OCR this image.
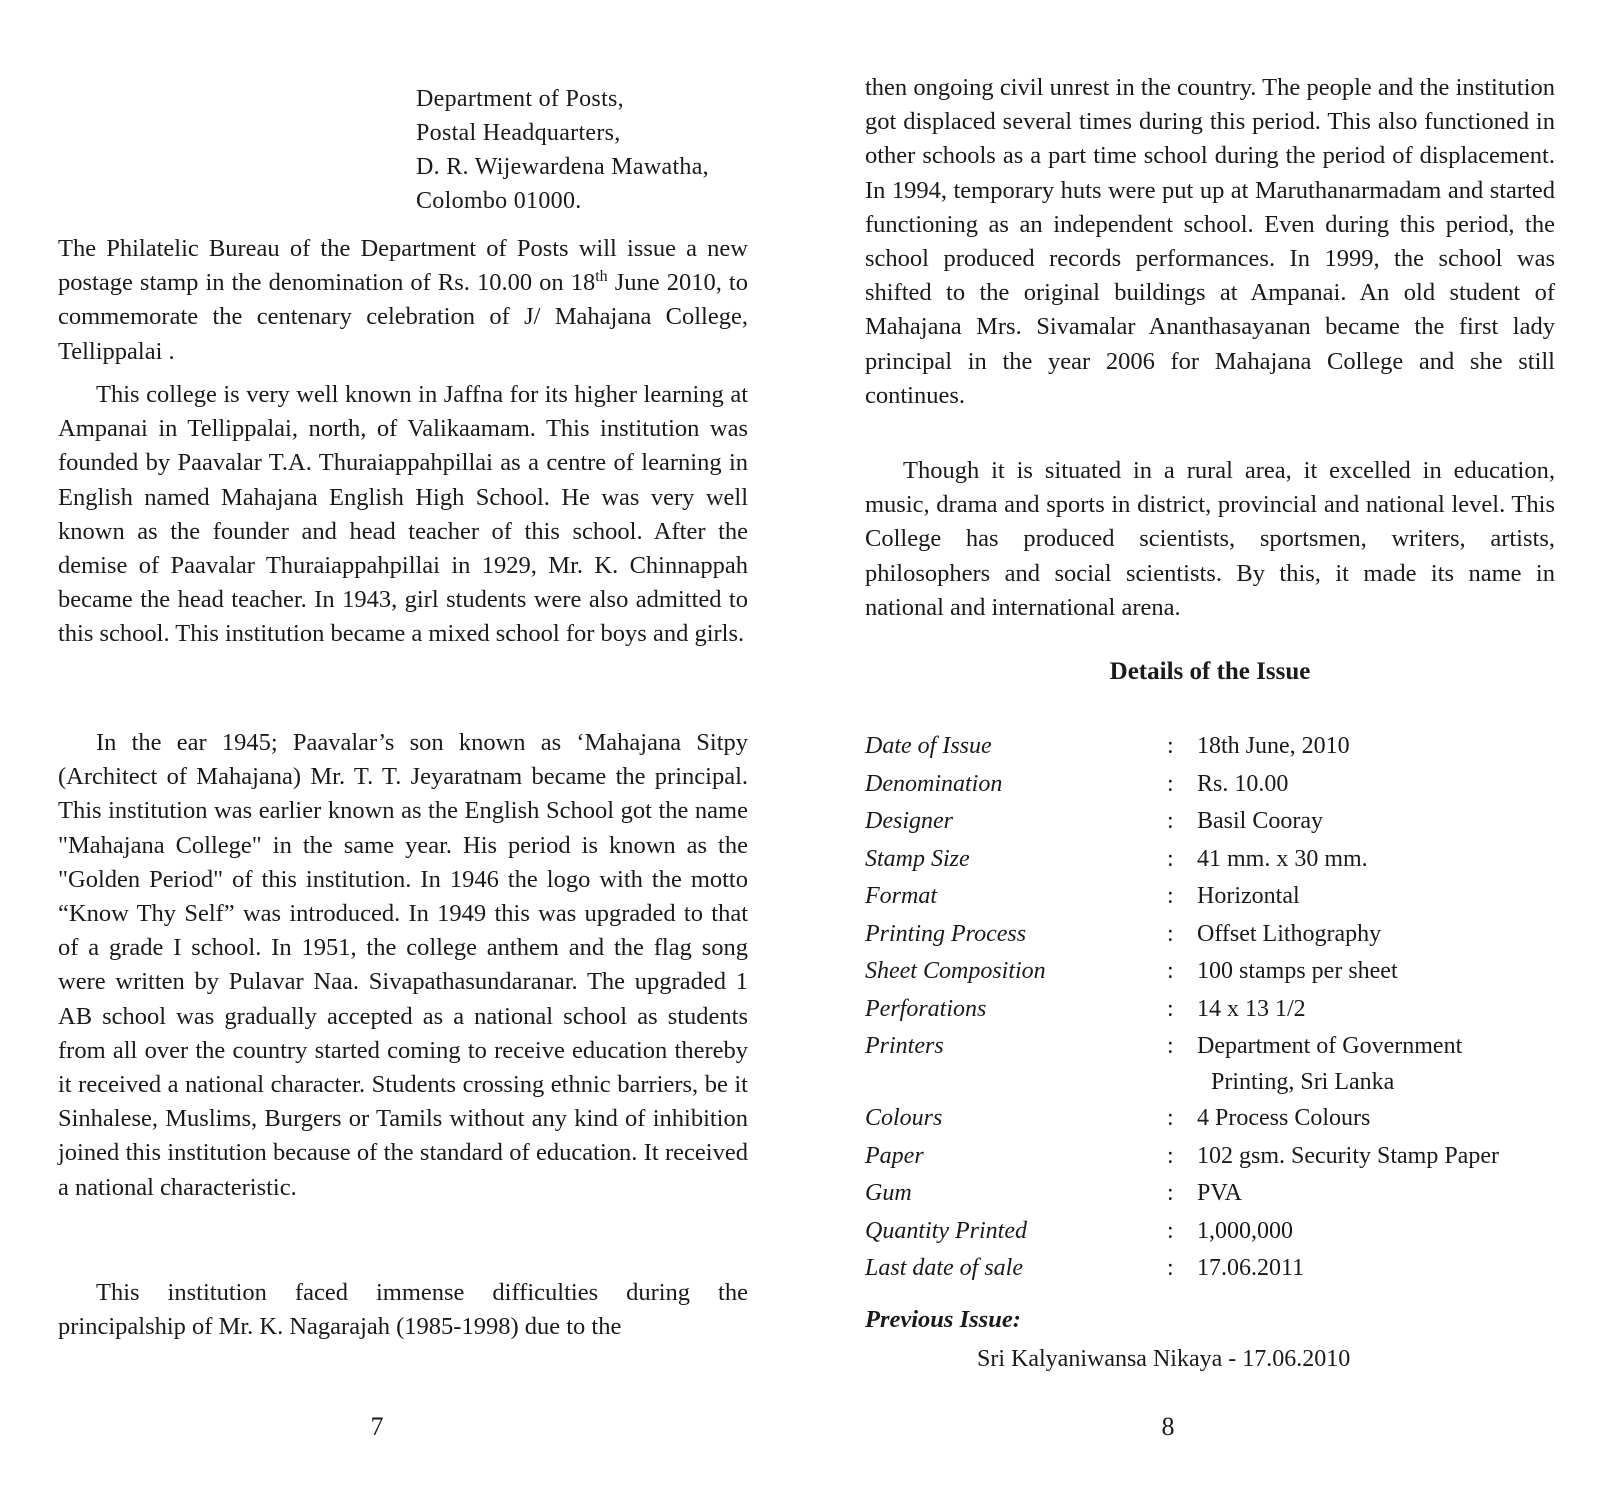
Department of Posts,
Postal Headquarters,
D. R. Wijewardena Mawatha,
Colombo 01000.

The Philatelic Bureau of the Department of Posts will issue a new postage stamp in the denomination of Rs. 10.00 on 18th June 2010, to commemorate the centenary celebration of J/ Mahajana College, Tellippalai .

This college is very well known in Jaffna for its higher learning at Ampanai in Tellippalai, north, of Valikaamam. This institution was founded by Paavalar T.A. Thuraiappahpillai as a centre of learning in English named Mahajana English High School. He was very well known as the founder and head teacher of this school. After the demise of Paavalar Thuraiappahpillai in 1929, Mr. K. Chinnappah became the head teacher. In 1943, girl students were also admitted to this school. This institution became a mixed school for boys and girls.

In the ear 1945; Paavalar’s son known as ‘Mahajana Sitpy (Architect of Mahajana) Mr. T. T. Jeyaratnam became the principal. This institution was earlier known as the English School got the name "Mahajana College" in the same year. His period is known as the "Golden Period" of this institution. In 1946 the logo with the motto “Know Thy Self” was introduced. In 1949 this was upgraded to that of a grade I school. In 1951, the college anthem and the flag song were written by Pulavar Naa. Sivapathasundaranar. The upgraded 1 AB school was gradually accepted as a national school as students from all over the country started coming to receive education thereby it received a national character. Students crossing ethnic barriers, be it Sinhalese, Muslims, Burgers or Tamils without any kind of inhibition joined this institution because of the standard of education. It received a national characteristic.

This institution faced immense difficulties during the principalship of Mr. K. Nagarajah (1985-1998) due to the

7

then ongoing civil unrest in the country. The people and the institution got displaced several times during this period. This also functioned in other schools as a part time school during the period of displacement. In 1994, temporary huts were put up at Maruthanarmadam and started functioning as an independent school. Even during this period, the school produced records performances. In 1999, the school was shifted to the original buildings at Ampanai. An old student of Mahajana Mrs. Sivamalar Ananthasayanan became the first lady principal in the year 2006 for Mahajana College and she still continues.

Though it is situated in a rural area, it excelled in education, music, drama and sports in district, provincial and national level. This College has produced scientists, sportsmen, writers, artists, philosophers and social scientists. By this, it made its name in national and international arena.

Details of the Issue
Date of Issue	: 18th June, 2010
Denomination	: Rs. 10.00
Designer	: Basil Cooray
Stamp Size	: 41 mm. x 30 mm.
Format	: Horizontal
Printing Process	: Offset Lithography
Sheet Composition	: 100 stamps per sheet
Perforations	: 14 x 13 1/2
Printers	: Department of Government
Printing, Sri Lanka
Colours	: 4 Process Colours
Paper	: 102 gsm. Security Stamp Paper
Gum	: PVA
Quantity Printed	: 1,000,000
Last date of sale	: 17.06.2011
Previous Issue:
Sri Kalyaniwansa Nikaya - 17.06.2010
8
